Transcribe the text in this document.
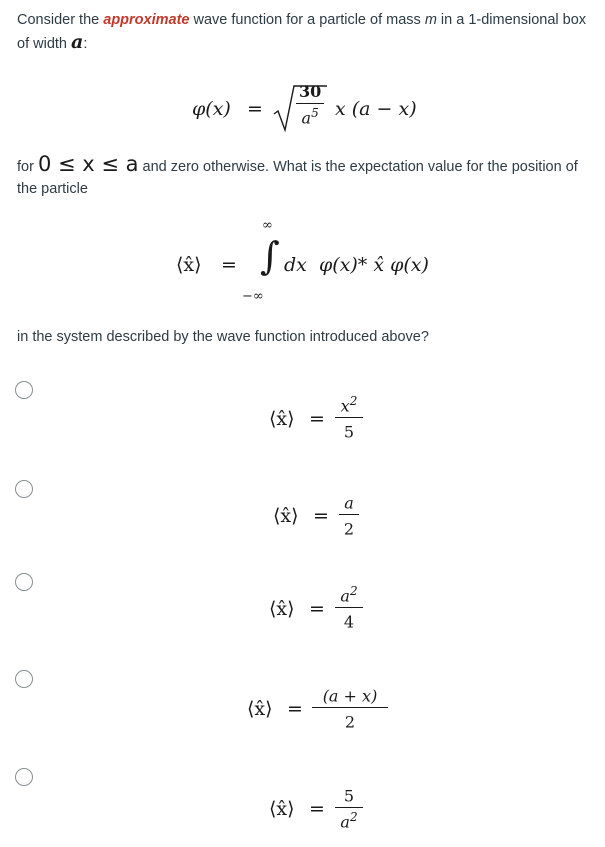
Consider the approximate wave function for a particle of mass m in a 1-dimensional box of width a:
$\varphi(x) = \frac{30}{a^5}$ x (a − x)
for 0 ≤ x ≤ a and zero otherwise. What is the expectation value for the position of the particle
⟨x̂⟩ =
∞
∫
−∞
dx  φ(x)* x̂ φ(x)
in the system described by the wave function introduced above?
⟨x̂⟩ = $\frac{x^2}{5}$
⟨x̂⟩ = $\frac{a}{2}$
⟨x̂⟩ = $\frac{a^2}{4}$
⟨x̂⟩ = $\frac{(a + x)}{2}$
⟨x̂⟩ = $\frac{5}{a^2}$
